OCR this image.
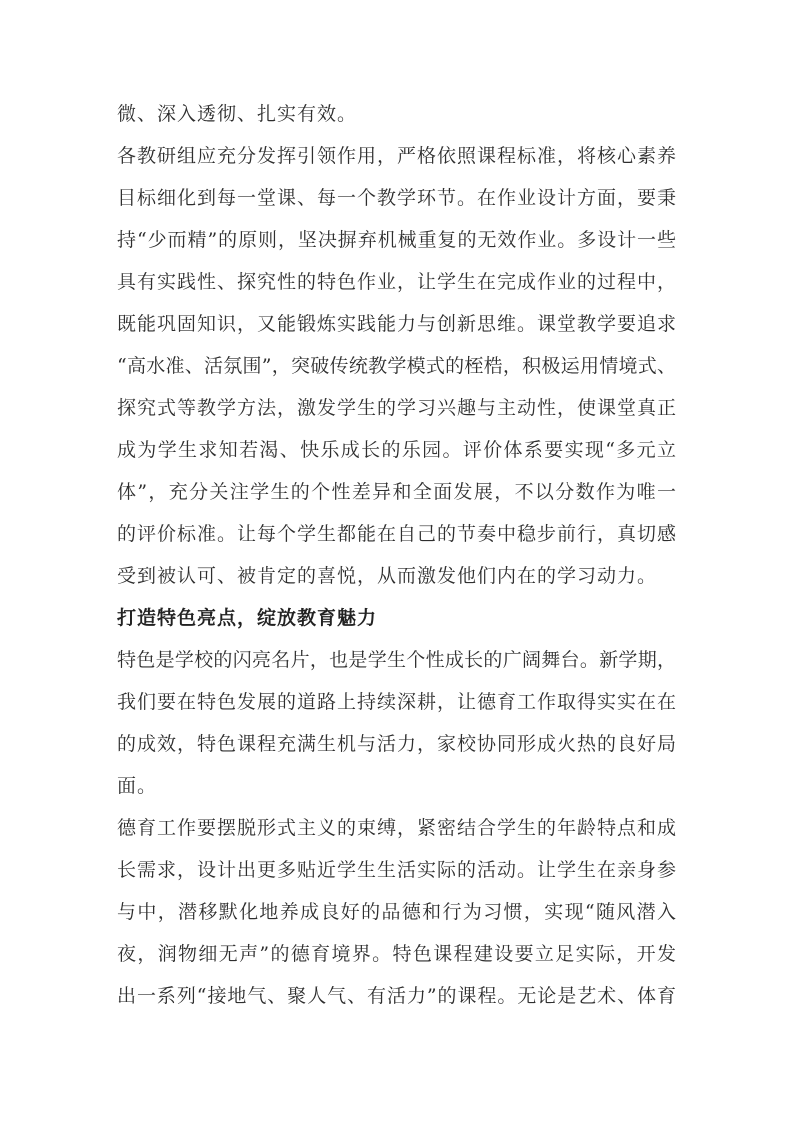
微、深入透彻、扎实有效。
各教研组应充分发挥引领作用，严格依照课程标准，将核心素养
目标细化到每一堂课、每一个教学环节。在作业设计方面，要秉
持“少而精”的原则，坚决摒弃机械重复的无效作业。多设计一些
具有实践性、探究性的特色作业，让学生在完成作业的过程中，
既能巩固知识，又能锻炼实践能力与创新思维。课堂教学要追求
“高水准、活氛围”，突破传统教学模式的桎梏，积极运用情境式、
探究式等教学方法，激发学生的学习兴趣与主动性，使课堂真正
成为学生求知若渴、快乐成长的乐园。评价体系要实现“多元立
体”，充分关注学生的个性差异和全面发展，不以分数作为唯一
的评价标准。让每个学生都能在自己的节奏中稳步前行，真切感
受到被认可、被肯定的喜悦，从而激发他们内在的学习动力。
打造特色亮点，绽放教育魅力
特色是学校的闪亮名片，也是学生个性成长的广阔舞台。新学期，
我们要在特色发展的道路上持续深耕，让德育工作取得实实在在
的成效，特色课程充满生机与活力，家校协同形成火热的良好局
面。
德育工作要摆脱形式主义的束缚，紧密结合学生的年龄特点和成
长需求，设计出更多贴近学生生活实际的活动。让学生在亲身参
与中，潜移默化地养成良好的品德和行为习惯，实现“随风潜入
夜，润物细无声”的德育境界。特色课程建设要立足实际，开发
出一系列“接地气、聚人气、有活力”的课程。无论是艺术、体育
